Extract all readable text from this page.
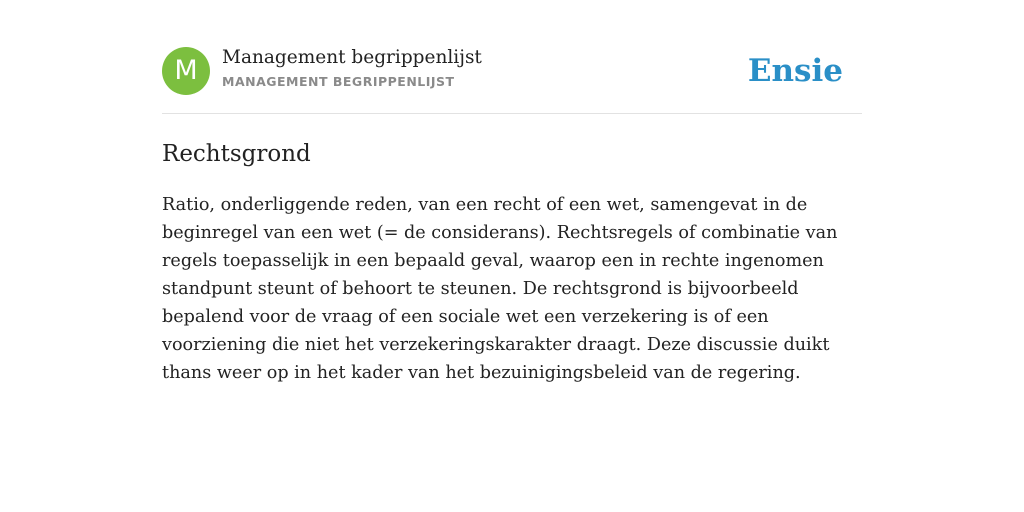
M	Management begrippenlijst
MANAGEMENT BEGRIPPENLIJST	Ensie
Rechtsgrond

Ratio, onderliggende reden, van een recht of een wet, samengevat in de beginregel van een wet (= de considerans). Rechtsregels of combinatie van regels toepasselijk in een bepaald geval, waarop een in rechte ingenomen standpunt steunt of behoort te steunen. De rechtsgrond is bijvoorbeeld bepalend voor de vraag of een sociale wet een verzekering is of een voorziening die niet het verzekeringskarakter draagt. Deze discussie duikt thans weer op in het kader van het bezuinigingsbeleid van de regering.
